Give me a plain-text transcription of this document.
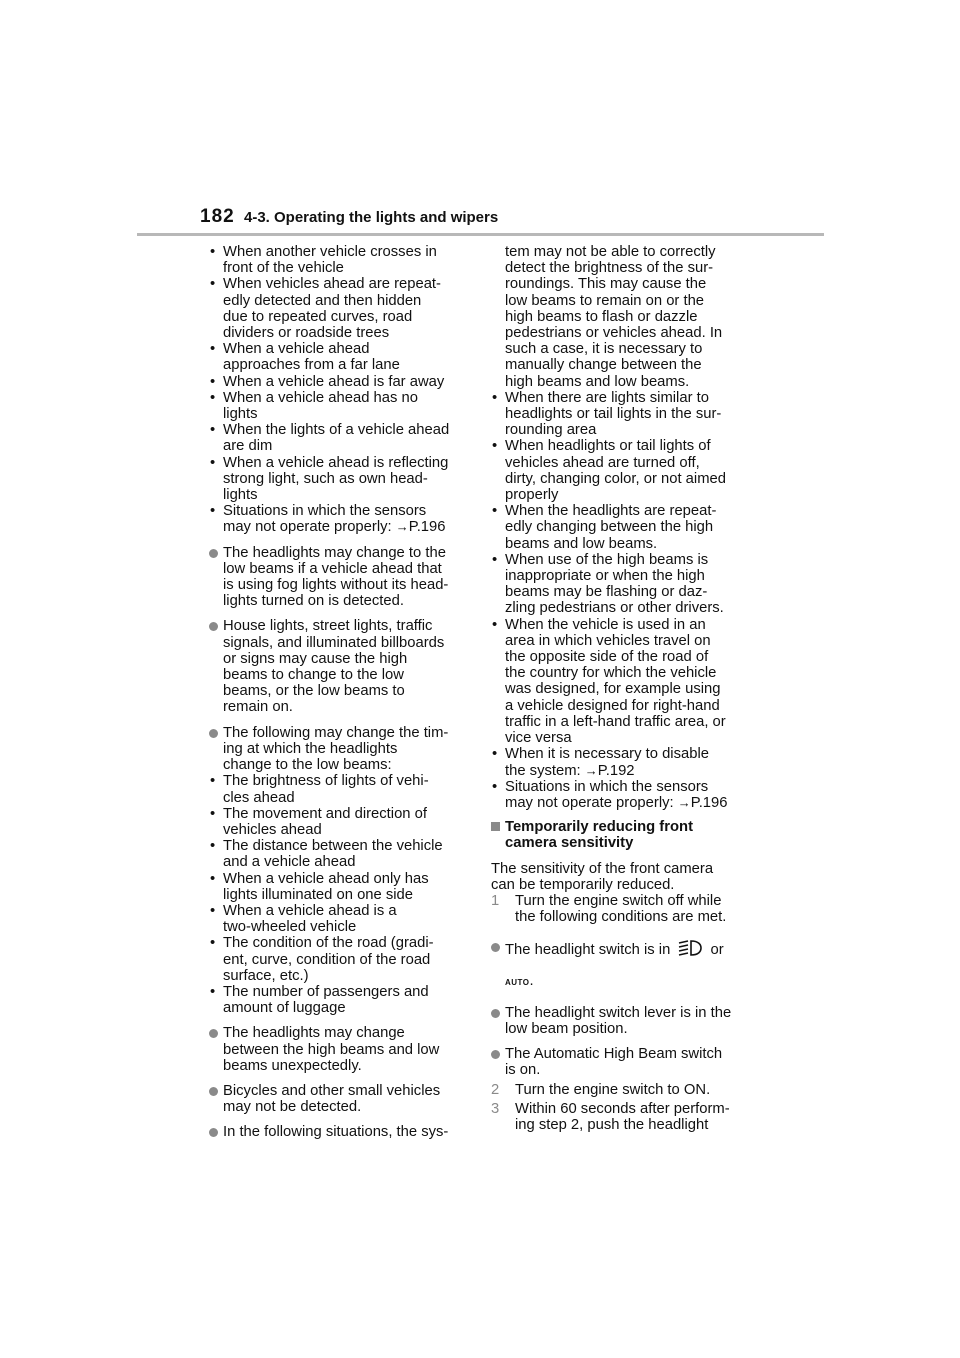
182 4-3. Operating the lights and wipers
• When another vehicle crosses in
front of the vehicle
• When vehicles ahead are repeat-
edly detected and then hidden
due to repeated curves, road
dividers or roadside trees
• When a vehicle ahead
approaches from a far lane
• When a vehicle ahead is far away
• When a vehicle ahead has no
lights
• When the lights of a vehicle ahead
are dim
• When a vehicle ahead is reflecting
strong light, such as own head-
lights
• Situations in which the sensors
may not operate properly: →P.196
The headlights may change to the
low beams if a vehicle ahead that
is using fog lights without its head-
lights turned on is detected.
House lights, street lights, traffic
signals, and illuminated billboards
or signs may cause the high
beams to change to the low
beams, or the low beams to
remain on.
The following may change the tim-
ing at which the headlights
change to the low beams:
• The brightness of lights of vehi-
cles ahead
• The movement and direction of
vehicles ahead
• The distance between the vehicle
and a vehicle ahead
• When a vehicle ahead only has
lights illuminated on one side
• When a vehicle ahead is a
two-wheeled vehicle
• The condition of the road (gradi-
ent, curve, condition of the road
surface, etc.)
• The number of passengers and
amount of luggage
The headlights may change
between the high beams and low
beams unexpectedly.
Bicycles and other small vehicles
may not be detected.
In the following situations, the sys-
tem may not be able to correctly
detect the brightness of the sur-
roundings. This may cause the
low beams to remain on or the
high beams to flash or dazzle
pedestrians or vehicles ahead. In
such a case, it is necessary to
manually change between the
high beams and low beams.
• When there are lights similar to
headlights or tail lights in the sur-
rounding area
• When headlights or tail lights of
vehicles ahead are turned off,
dirty, changing color, or not aimed
properly
• When the headlights are repeat-
edly changing between the high
beams and low beams.
• When use of the high beams is
inappropriate or when the high
beams may be flashing or daz-
zling pedestrians or other drivers.
• When the vehicle is used in an
area in which vehicles travel on
the opposite side of the road of
the country for which the vehicle
was designed, for example using
a vehicle designed for right-hand
traffic in a left-hand traffic area, or
vice versa
• When it is necessary to disable
the system: →P.192
• Situations in which the sensors
may not operate properly: →P.196
Temporarily reducing front
camera sensitivity
The sensitivity of the front camera
can be temporarily reduced.
1 Turn the engine switch off while
the following conditions are met.
The headlight switch is in  or
AUTO.
The headlight switch lever is in the
low beam position.
The Automatic High Beam switch
is on.
2 Turn the engine switch to ON.
3 Within 60 seconds after perform-
ing step 2, push the headlight
